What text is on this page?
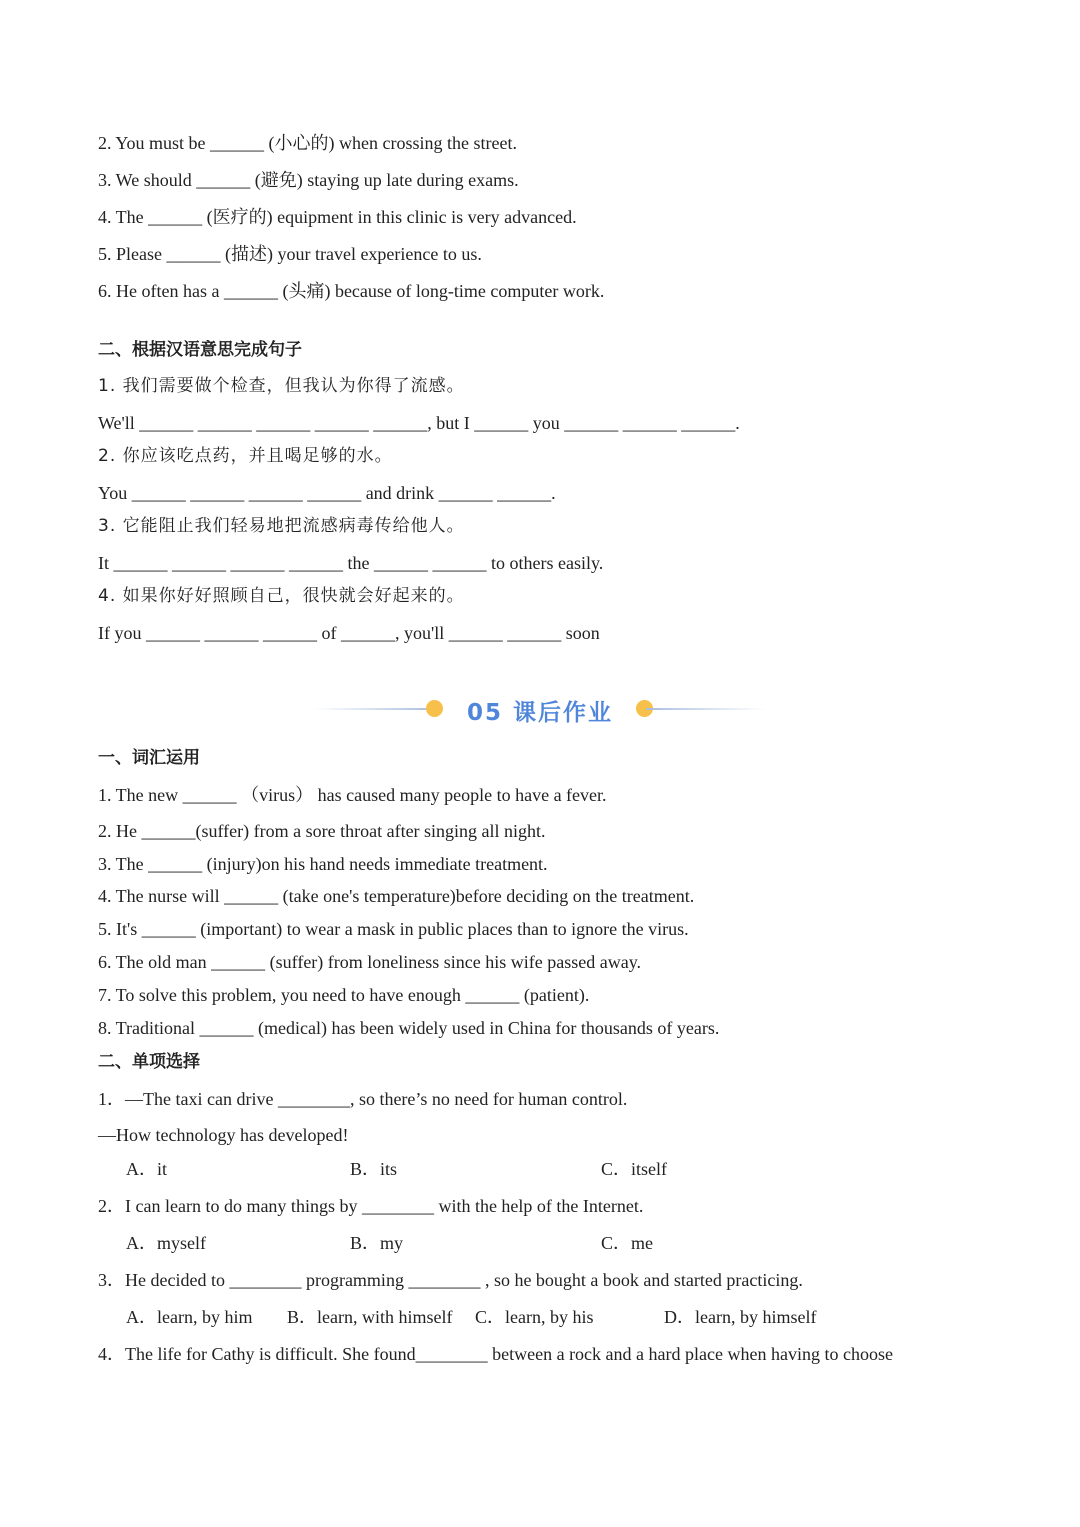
2. You must be ______ (小心的) when crossing the street.
3. We should ______ (避免) staying up late during exams.
4. The ______ (医疗的) equipment in this clinic is very advanced.
5. Please ______ (描述) your travel experience to us.
6. He often has a ______ (头痛) because of long-time computer work.
二、根据汉语意思完成句子
1. 我们需要做个检查，但我认为你得了流感。
We'll ______ ______ ______ ______ ______, but I ______ you ______ ______ ______.
2. 你应该吃点药，并且喝足够的水。
You ______ ______ ______ ______ and drink ______ ______.
3. 它能阻止我们轻易地把流感病毒传给他人。
It ______ ______ ______ ______ the ______ ______ to others easily.
4. 如果你好好照顾自己，很快就会好起来的。
If you ______ ______ ______ of ______, you'll ______ ______ soon
05 课后作业
一、词汇运用
1. The new ______ （virus） has caused many people to have a fever.
2. He ______(suffer) from a sore throat after singing all night.
3. The ______ (injury)on his hand needs immediate treatment.
4. The nurse will ______ (take one's temperature)before deciding on the treatment.
5. It's ______ (important) to wear a mask in public places than to ignore the virus.
6. The old man ______ (suffer) from loneliness since his wife passed away.
7. To solve this problem, you need to have enough ______ (patient).
8. Traditional ______ (medical) has been widely used in China for thousands of years.
二、单项选择
1．—The taxi can drive ________, so there’s no need for human control.
—How technology has developed!
A．it	B．its	C．itself
2．I can learn to do many things by ________ with the help of the Internet.
A．myself	B．my	C．me
3．He decided to ________ programming ________ , so he bought a book and started practicing.
A．learn, by him B．learn, with himself C．learn, by his	D．learn, by himself
4．The life for Cathy is difficult. She found________ between a rock and a hard place when having to choose
